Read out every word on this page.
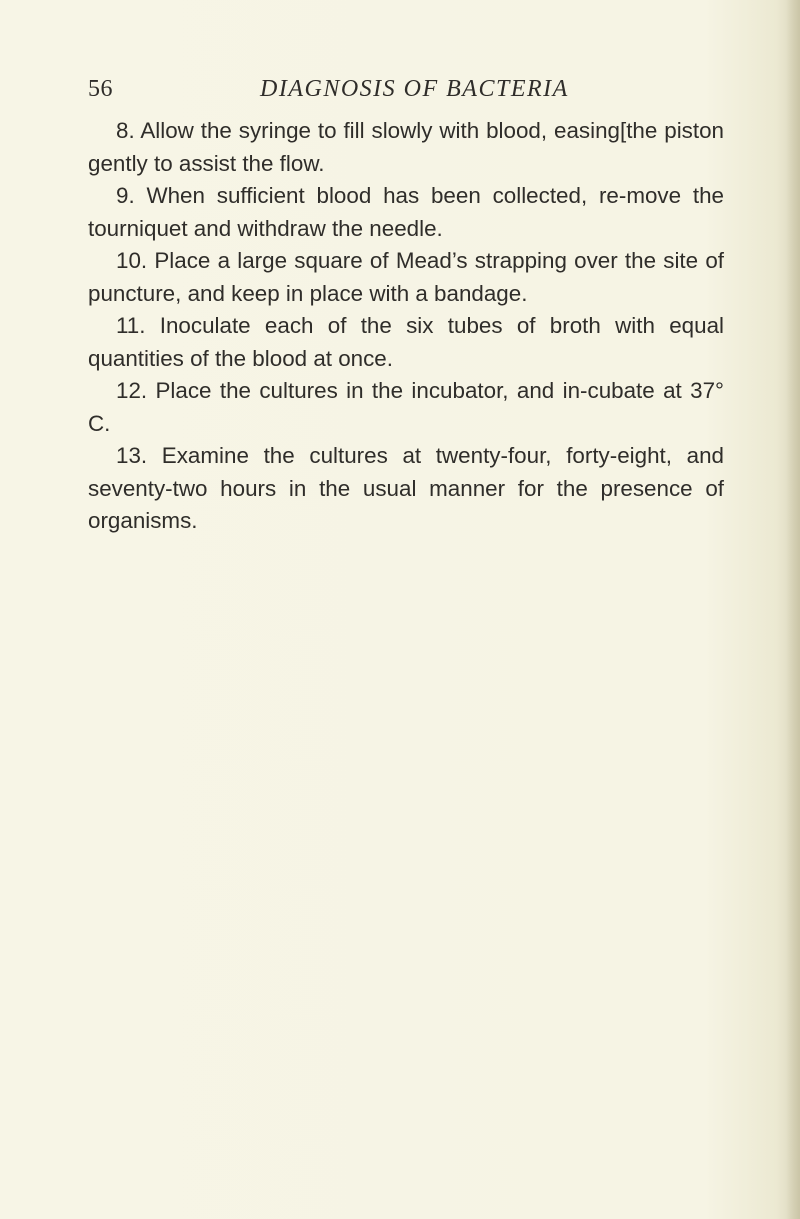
56	DIAGNOSIS OF BACTERIA

8. Allow the syringe to fill slowly with blood, easing[the piston gently to assist the flow.

9. When sufficient blood has been collected, re-move the tourniquet and withdraw the needle.

10. Place a large square of Mead’s strapping over the site of puncture, and keep in place with a bandage.

11. Inoculate each of the six tubes of broth with equal quantities of the blood at once.

12. Place the cultures in the incubator, and in-cubate at 37° C.

13. Examine the cultures at twenty-four, forty-eight, and seventy-two hours in the usual manner for the presence of organisms.
